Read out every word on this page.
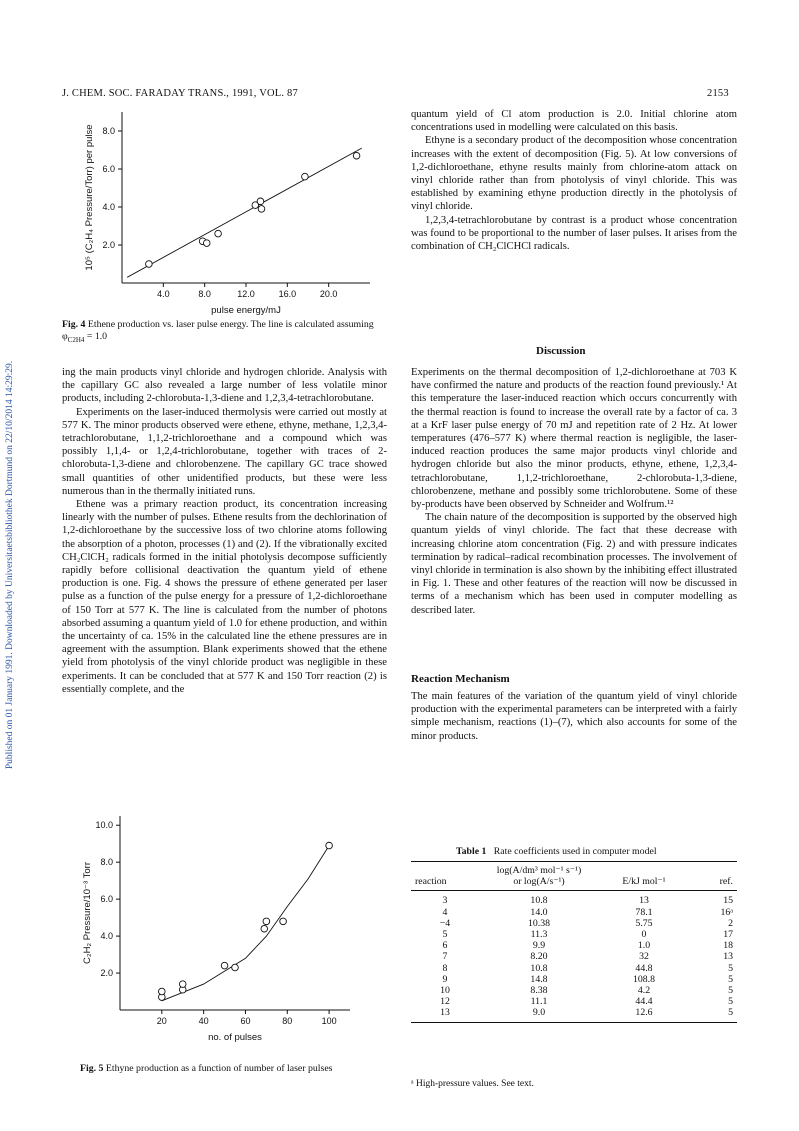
Published on 01 January 1991. Downloaded by Universitaetsbibliothek Dortmund on 22/10/2014 14:29:29.
J. CHEM. SOC. FARADAY TRANS., 1991, VOL. 87	2153
2.0
4.0
6.0
8.0
4.0	8.0	12.0	16.0	20.0
pulse energy/mJ
10⁵ (C₂H₄ Pressure/Torr) per pulse
Fig. 4 Ethene production vs. laser pulse energy. The line is calculated assuming $\varphi_{C2H4} = 1.0$

ing the main products vinyl chloride and hydrogen chloride. Analysis with the capillary GC also revealed a large number of less volatile minor products, including 2-chlorobuta-1,3-diene and 1,2,3,4-tetrachlorobutane.

Experiments on the laser-induced thermolysis were carried out mostly at 577 K. The minor products observed were ethene, ethyne, methane, 1,2,3,4-tetrachlorobutane, 1,1,2-trichloroethane and a compound which was possibly 1,1,4- or 1,2,4-trichlorobutane, together with traces of 2-chlorobuta-1,3-diene and chlorobenzene. The capillary GC trace showed small quantities of other unidentified products, but these were less numerous than in the thermally initiated runs.

Ethene was a primary reaction product, its concentration increasing linearly with the number of pulses. Ethene results from the dechlorination of 1,2-dichloroethane by the successive loss of two chlorine atoms following the absorption of a photon, processes (1) and (2). If the vibrationally excited CH₂ClCH₂ radicals formed in the initial photolysis decompose sufficiently rapidly before collisional deactivation the quantum yield of ethene production is one. Fig. 4 shows the pressure of ethene generated per laser pulse as a function of the pulse energy for a pressure of 1,2-dichloroethane of 150 Torr at 577 K. The line is calculated from the number of photons absorbed assuming a quantum yield of 1.0 for ethene production, and within the uncertainty of ca. 15% in the calculated line the ethene pressures are in agreement with the assumption. Blank experiments showed that the ethene yield from photolysis of the vinyl chloride product was negligible in these experiments. It can be concluded that at 577 K and 150 Torr reaction (2) is essentially complete, and the

2.0
4.0
6.0
8.0
10.0
20	40	60	80	100
no. of pulses
C₂H₂ Pressure/10⁻³ Torr
Fig. 5 Ethyne production as a function of number of laser pulses

quantum yield of Cl atom production is 2.0. Initial chlorine atom concentrations used in modelling were calculated on this basis.

Ethyne is a secondary product of the decomposition whose concentration increases with the extent of decomposition (Fig. 5). At low conversions of 1,2-dichloroethane, ethyne results mainly from chlorine-atom attack on vinyl chloride rather than from photolysis of vinyl chloride. This was established by examining ethyne production directly in the photolysis of vinyl chloride.

1,2,3,4-tetrachlorobutane by contrast is a product whose concentration was found to be proportional to the number of laser pulses. It arises from the combination of CH₂ClCHCl radicals.

Discussion

Experiments on the thermal decomposition of 1,2-dichloroethane at 703 K have confirmed the nature and products of the reaction found previously.¹ At this temperature the laser-induced reaction which occurs concurrently with the thermal reaction is found to increase the overall rate by a factor of ca. 3 at a KrF laser pulse energy of 70 mJ and repetition rate of 2 Hz. At lower temperatures (476–577 K) where thermal reaction is negligible, the laser-induced reaction produces the same major products vinyl chloride and hydrogen chloride but also the minor products, ethyne, ethene, 1,2,3,4-tetrachlorobutane, 1,1,2-trichloroethane, 2-chlorobuta-1,3-diene, chlorobenzene, methane and possibly some trichlorobutene. Some of these by-products have been observed by Schneider and Wolfrum.¹²

The chain nature of the decomposition is supported by the observed high quantum yields of vinyl chloride. The fact that these decrease with increasing chlorine atom concentration (Fig. 2) and with pressure indicates termination by radical–radical recombination processes. The involvement of vinyl chloride in termination is also shown by the inhibiting effect illustrated in Fig. 1. These and other features of the reaction will now be discussed in terms of a mechanism which has been used in computer modelling as described later.

Reaction Mechanism

The main features of the variation of the quantum yield of vinyl chloride production with the experimental parameters can be interpreted with a fairly simple mechanism, reactions (1)–(7), which also accounts for some of the minor products.

Table 1 Rate coefficients used in computer model
	log(A/dm³ mol⁻¹ s⁻¹)		
reaction	or log(A/s⁻¹)	E/kJ mol⁻¹	ref.
3	10.8	13	15
4	14.0	78.1	16ᵃ
−4	10.38	5.75	2
5	11.3	0	17
6	9.9	1.0	18
7	8.20	32	13
8	10.8	44.8	5
9	14.8	108.8	5
10	8.38	4.2	5
12	11.1	44.4	5
13	9.0	12.6	5
ᵃ High-pressure values. See text.
